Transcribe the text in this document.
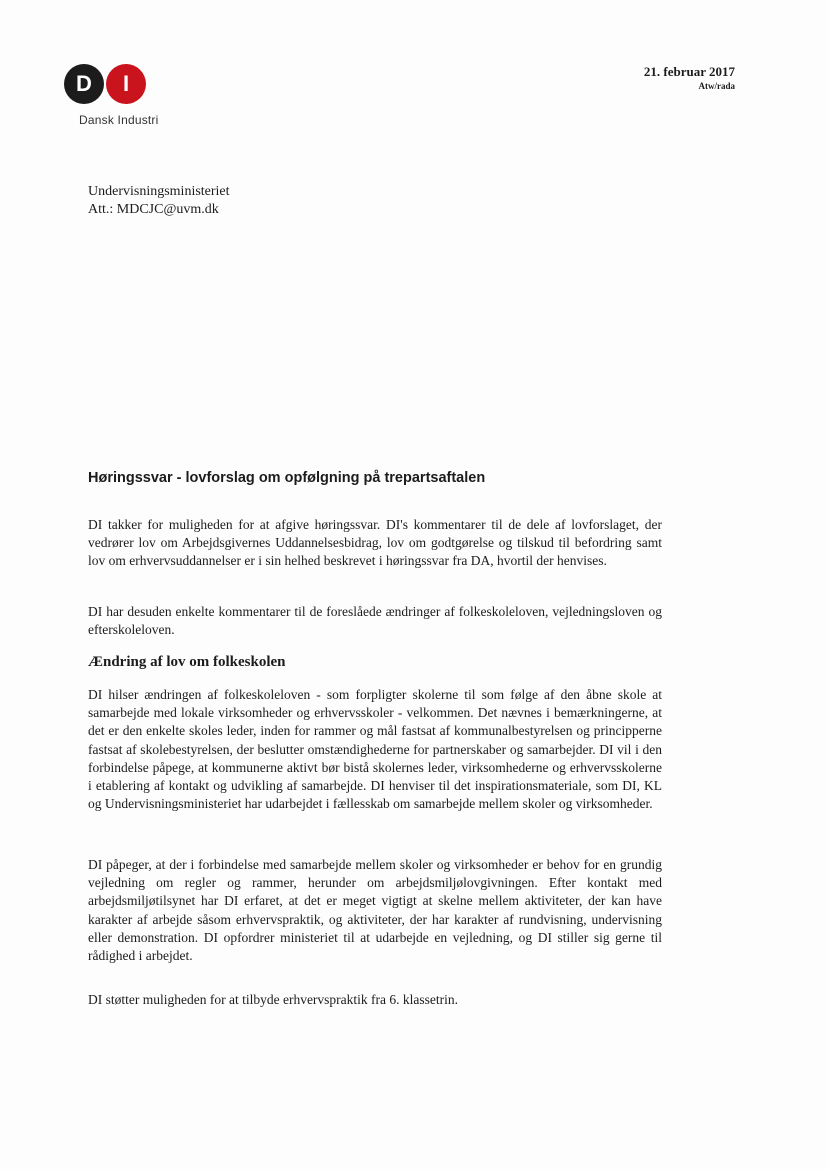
D	I
Dansk Industri
21. februar 2017
Atw/rada
Undervisningsministeriet
Att.: MDCJC@uvm.dk
Høringssvar - lovforslag om opfølgning på trepartsaftalen

DI takker for muligheden for at afgive høringssvar. DI's kommentarer til de dele af lovforslaget, der vedrører lov om Arbejdsgivernes Uddannelsesbidrag, lov om godtgørelse og tilskud til befordring samt lov om erhvervsuddannelser er i sin helhed beskrevet i høringssvar fra DA, hvortil der henvises.

DI har desuden enkelte kommentarer til de foreslåede ændringer af folkeskoleloven, vejledningsloven og efterskoleloven.

Ændring af lov om folkeskolen

DI hilser ændringen af folkeskoleloven - som forpligter skolerne til som følge af den åbne skole at samarbejde med lokale virksomheder og erhvervsskoler - velkommen. Det nævnes i bemærkningerne, at det er den enkelte skoles leder, inden for rammer og mål fastsat af kommunalbestyrelsen og principperne fastsat af skolebestyrelsen, der beslutter omstændighederne for partnerskaber og samarbejder. DI vil i den forbindelse påpege, at kommunerne aktivt bør bistå skolernes leder, virksomhederne og erhvervsskolerne i etablering af kontakt og udvikling af samarbejde. DI henviser til det inspirationsmateriale, som DI, KL og Undervisningsministeriet har udarbejdet i fællesskab om samarbejde mellem skoler og virksomheder.

DI påpeger, at der i forbindelse med samarbejde mellem skoler og virksomheder er behov for en grundig vejledning om regler og rammer, herunder om arbejdsmiljølovgivningen. Efter kontakt med arbejdsmiljøtilsynet har DI erfaret, at det er meget vigtigt at skelne mellem aktiviteter, der kan have karakter af arbejde såsom erhvervspraktik, og aktiviteter, der har karakter af rundvisning, undervisning eller demonstration. DI opfordrer ministeriet til at udarbejde en vejledning, og DI stiller sig gerne til rådighed i arbejdet.

DI støtter muligheden for at tilbyde erhvervspraktik fra 6. klassetrin.
